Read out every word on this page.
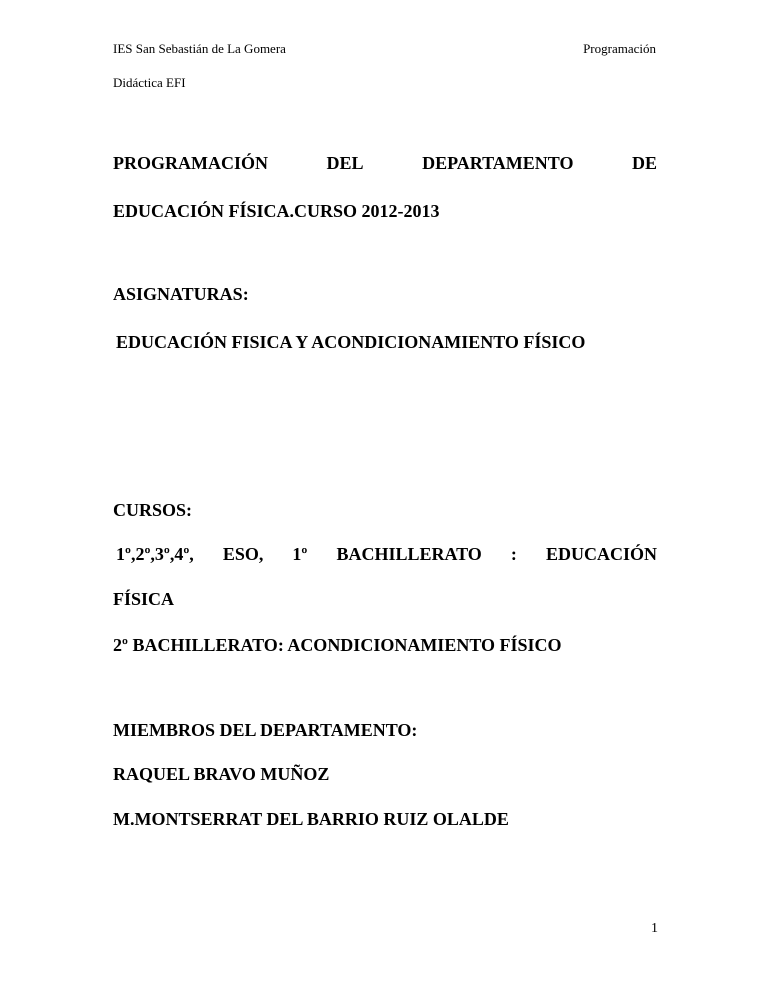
IES San Sebastián de La Gomera	Programación
Didáctica EFI
PROGRAMACIÓN	DEL	DEPARTAMENTO	DE
EDUCACIÓN FÍSICA.CURSO 2012-2013
ASIGNATURAS:
EDUCACIÓN FISICA Y ACONDICIONAMIENTO FÍSICO
CURSOS:
1º,2º,3º,4º, ESO, 1º BACHILLERATO : EDUCACIÓN
FÍSICA
2º BACHILLERATO: ACONDICIONAMIENTO FÍSICO
MIEMBROS DEL DEPARTAMENTO:
RAQUEL BRAVO MUÑOZ
M.MONTSERRAT DEL BARRIO RUIZ OLALDE
1
